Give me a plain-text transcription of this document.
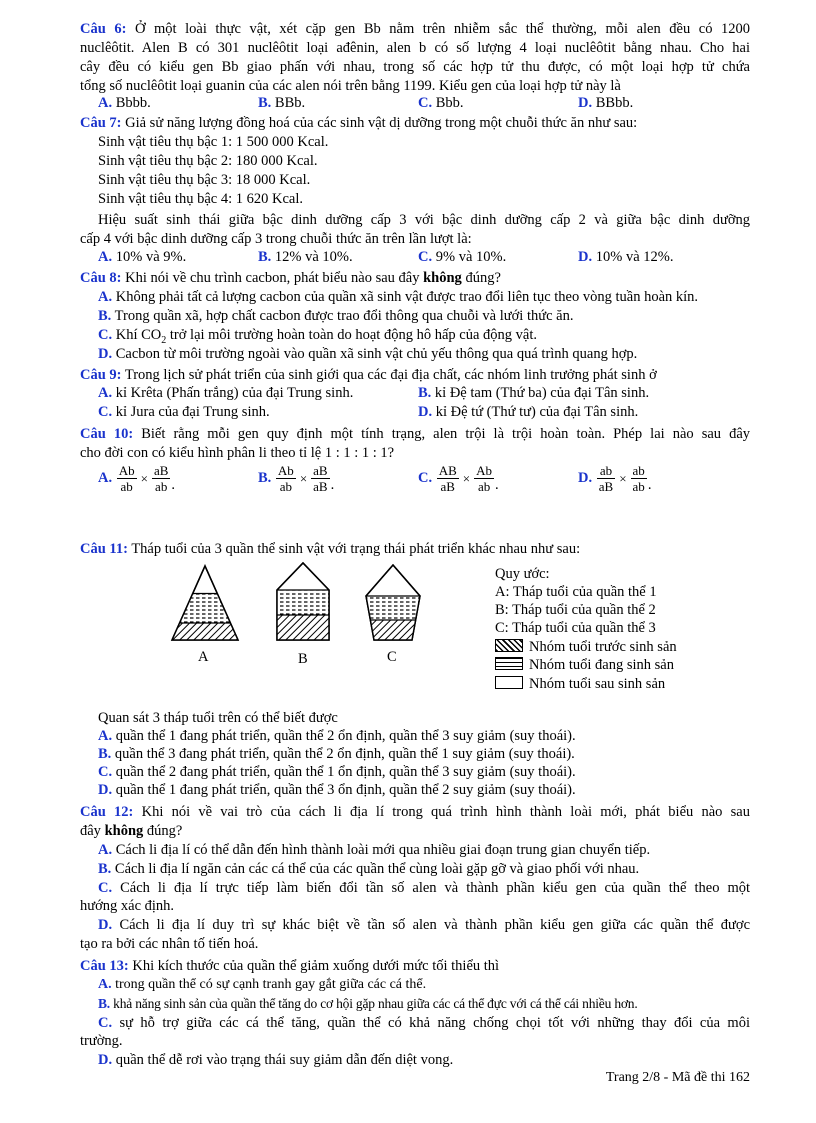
Câu 6: Ở một loài thực vật, xét cặp gen Bb nằm trên nhiễm sắc thể thường, mỗi alen đều có 1200
nuclêôtit. Alen B có 301 nuclêôtit loại ađênin, alen b có số lượng 4 loại nuclêôtit bằng nhau. Cho hai
cây đều có kiểu gen Bb giao phấn với nhau, trong số các hợp tử thu được, có một loại hợp tử chứa
tổng số nuclêôtit loại guanin của các alen nói trên bằng 1199. Kiểu gen của loại hợp tử này là
A. Bbbb.	B. BBb.	C. Bbb.	D. BBbb.
Câu 7: Giả sử năng lượng đồng hoá của các sinh vật dị dưỡng trong một chuỗi thức ăn như sau:
Sinh vật tiêu thụ bậc 1: 1 500 000 Kcal.
Sinh vật tiêu thụ bậc 2: 180 000 Kcal.
Sinh vật tiêu thụ bậc 3: 18 000 Kcal.
Sinh vật tiêu thụ bậc 4: 1 620 Kcal.
Hiệu suất sinh thái giữa bậc dinh dưỡng cấp 3 với bậc dinh dưỡng cấp 2 và giữa bậc dinh dưỡng
cấp 4 với bậc dinh dưỡng cấp 3 trong chuỗi thức ăn trên lần lượt là:
A. 10% và 9%.	B. 12% và 10%.	C. 9% và 10%.	D. 10% và 12%.
Câu 8: Khi nói về chu trình cacbon, phát biểu nào sau đây không đúng?
A. Không phải tất cả lượng cacbon của quần xã sinh vật được trao đổi liên tục theo vòng tuần hoàn kín.
B. Trong quần xã, hợp chất cacbon được trao đổi thông qua chuỗi và lưới thức ăn.
C. Khí $CO_2$ trở lại môi trường hoàn toàn do hoạt động hô hấp của động vật.
D. Cacbon từ môi trường ngoài vào quần xã sinh vật chủ yếu thông qua quá trình quang hợp.
Câu 9: Trong lịch sử phát triển của sinh giới qua các đại địa chất, các nhóm linh trưởng phát sinh ở
A. kỉ Krêta (Phấn trắng) của đại Trung sinh.	B. kỉ Đệ tam (Thứ ba) của đại Tân sinh.
C. kỉ Jura của đại Trung sinh.	D. kỉ Đệ tứ (Thứ tư) của đại Tân sinh.
Câu 10: Biết rằng mỗi gen quy định một tính trạng, alen trội là trội hoàn toàn. Phép lai nào sau đây
cho đời con có kiểu hình phân li theo tỉ lệ 1 : 1 : 1 : 1?
A. $\frac{Ab}{ab} \times \frac{aB}{ab}$ .	B. $\frac{Ab}{ab} \times \frac{aB}{aB}$ .	C. $\frac{AB}{aB} \times \frac{Ab}{ab}$ .	D. $\frac{ab}{aB} \times \frac{ab}{ab}$ .
Câu 11: Tháp tuổi của 3 quần thể sinh vật với trạng thái phát triển khác nhau như sau:
A	B	C
Quy ước:
A: Tháp tuổi của quần thể 1
B: Tháp tuổi của quần thể 2
C: Tháp tuổi của quần thể 3
Nhóm tuổi trước sinh sản
Nhóm tuổi đang sinh sản
Nhóm tuổi sau sinh sản
Quan sát 3 tháp tuổi trên có thể biết được
A. quần thể 1 đang phát triển, quần thể 2 ổn định, quần thể 3 suy giảm (suy thoái).
B. quần thể 3 đang phát triển, quần thể 2 ổn định, quần thể 1 suy giảm (suy thoái).
C. quần thể 2 đang phát triển, quần thể 1 ổn định, quần thể 3 suy giảm (suy thoái).
D. quần thể 1 đang phát triển, quần thể 3 ổn định, quần thể 2 suy giảm (suy thoái).
Câu 12: Khi nói về vai trò của cách li địa lí trong quá trình hình thành loài mới, phát biểu nào sau
đây không đúng?
A. Cách li địa lí có thể dẫn đến hình thành loài mới qua nhiều giai đoạn trung gian chuyển tiếp.
B. Cách li địa lí ngăn cản các cá thể của các quần thể cùng loài gặp gỡ và giao phối với nhau.
C. Cách li địa lí trực tiếp làm biến đổi tần số alen và thành phần kiểu gen của quần thể theo một
hướng xác định.
D. Cách li địa lí duy trì sự khác biệt về tần số alen và thành phần kiểu gen giữa các quần thể được
tạo ra bởi các nhân tố tiến hoá.
Câu 13: Khi kích thước của quần thể giảm xuống dưới mức tối thiểu thì
A. trong quần thể có sự cạnh tranh gay gắt giữa các cá thể.
B. khả năng sinh sản của quần thể tăng do cơ hội gặp nhau giữa các cá thể đực với cá thể cái nhiều hơn.
C. sự hỗ trợ giữa các cá thể tăng, quần thể có khả năng chống chọi tốt với những thay đổi của môi
trường.
D. quần thể dễ rơi vào trạng thái suy giảm dẫn đến diệt vong.
Trang 2/8 - Mã đề thi 162
